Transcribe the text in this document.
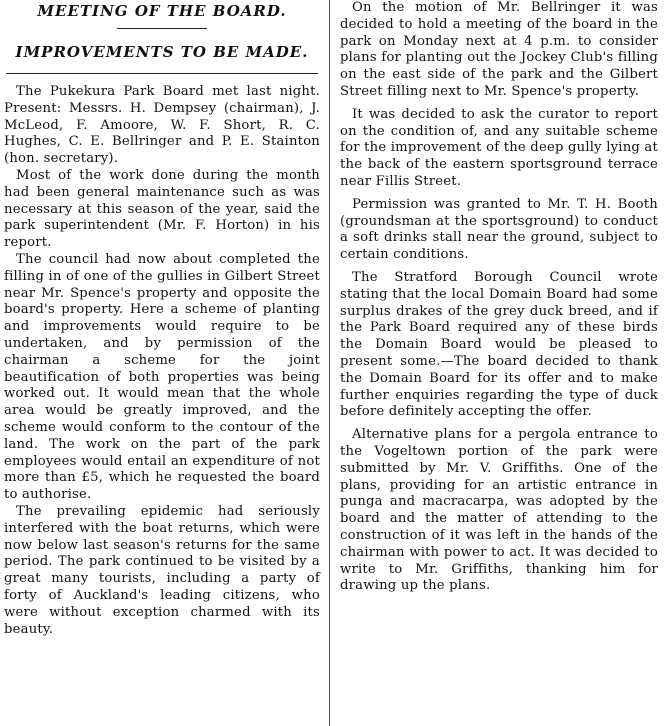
MEETING OF THE BOARD.
IMPROVEMENTS TO BE MADE.

The Pukekura Park Board met last night. Present: Messrs. H. Dempsey (chairman), J. McLeod, F. Amoore, W. F. Short, R. C. Hughes, C. E. Bellringer and P. E. Stainton (hon. secretary).

Most of the work done during the month had been general maintenance such as was necessary at this season of the year, said the park superintendent (Mr. F. Horton) in his report.

The council had now about completed the filling in of one of the gullies in Gilbert Street near Mr. Spence's property and opposite the board's property. Here a scheme of planting and improvements would require to be undertaken, and by permission of the chairman a scheme for the joint beautification of both properties was being worked out. It would mean that the whole area would be greatly improved, and the scheme would conform to the contour of the land. The work on the part of the park employees would entail an expenditure of not more than £5, which he requested the board to authorise.

The prevailing epidemic had seriously interfered with the boat returns, which were now below last season's returns for the same period. The park continued to be visited by a great many tourists, including a party of forty of Auckland's leading citizens, who were without exception charmed with its beauty.

On the motion of Mr. Bellringer it was decided to hold a meeting of the board in the park on Monday next at 4 p.m. to consider plans for planting out the Jockey Club's filling on the east side of the park and the Gilbert Street filling next to Mr. Spence's property.

It was decided to ask the curator to report on the condition of, and any suitable scheme for the improvement of the deep gully lying at the back of the eastern sportsground terrace near Fillis Street.

Permission was granted to Mr. T. H. Booth (groundsman at the sportsground) to conduct a soft drinks stall near the ground, subject to certain conditions.

The Stratford Borough Council wrote stating that the local Domain Board had some surplus drakes of the grey duck breed, and if the Park Board required any of these birds the Domain Board would be pleased to present some.—The board decided to thank the Domain Board for its offer and to make further enquiries regarding the type of duck before definitely accepting the offer.

Alternative plans for a pergola entrance to the Vogeltown portion of the park were submitted by Mr. V. Griffiths. One of the plans, providing for an artistic entrance in punga and macracarpa, was adopted by the board and the matter of attending to the construction of it was left in the hands of the chairman with power to act. It was decided to write to Mr. Griffiths, thanking him for drawing up the plans.
